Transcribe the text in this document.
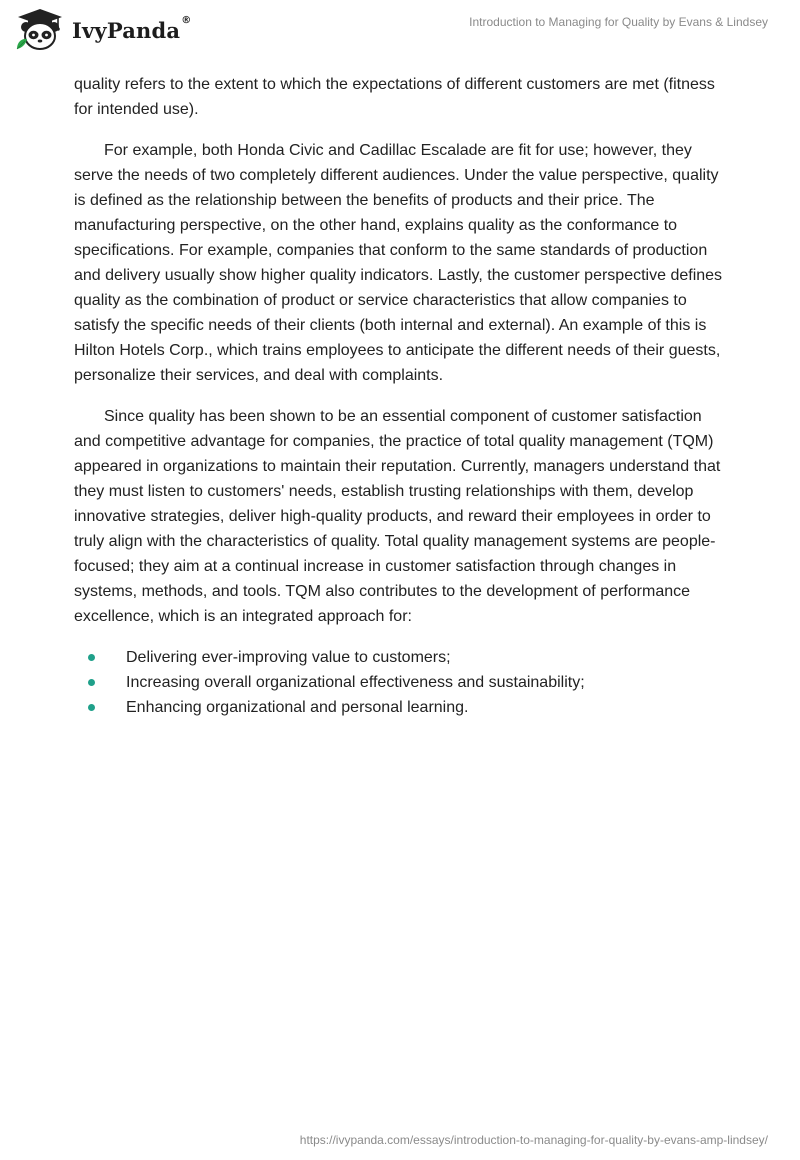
IvyPanda®	Introduction to Managing for Quality by Evans & Lindsey

quality refers to the extent to which the expectations of different customers are met (fitness for intended use).

For example, both Honda Civic and Cadillac Escalade are fit for use; however, they serve the needs of two completely different audiences. Under the value perspective, quality is defined as the relationship between the benefits of products and their price. The manufacturing perspective, on the other hand, explains quality as the conformance to specifications. For example, companies that conform to the same standards of production and delivery usually show higher quality indicators. Lastly, the customer perspective defines quality as the combination of product or service characteristics that allow companies to satisfy the specific needs of their clients (both internal and external). An example of this is Hilton Hotels Corp., which trains employees to anticipate the different needs of their guests, personalize their services, and deal with complaints.

Since quality has been shown to be an essential component of customer satisfaction and competitive advantage for companies, the practice of total quality management (TQM) appeared in organizations to maintain their reputation. Currently, managers understand that they must listen to customers' needs, establish trusting relationships with them, develop innovative strategies, deliver high-quality products, and reward their employees in order to truly align with the characteristics of quality. Total quality management systems are people-focused; they aim at a continual increase in customer satisfaction through changes in systems, methods, and tools. TQM also contributes to the development of performance excellence, which is an integrated approach for:

Delivering ever-improving value to customers;
Increasing overall organizational effectiveness and sustainability;
Enhancing organizational and personal learning.
https://ivypanda.com/essays/introduction-to-managing-for-quality-by-evans-amp-lindsey/
